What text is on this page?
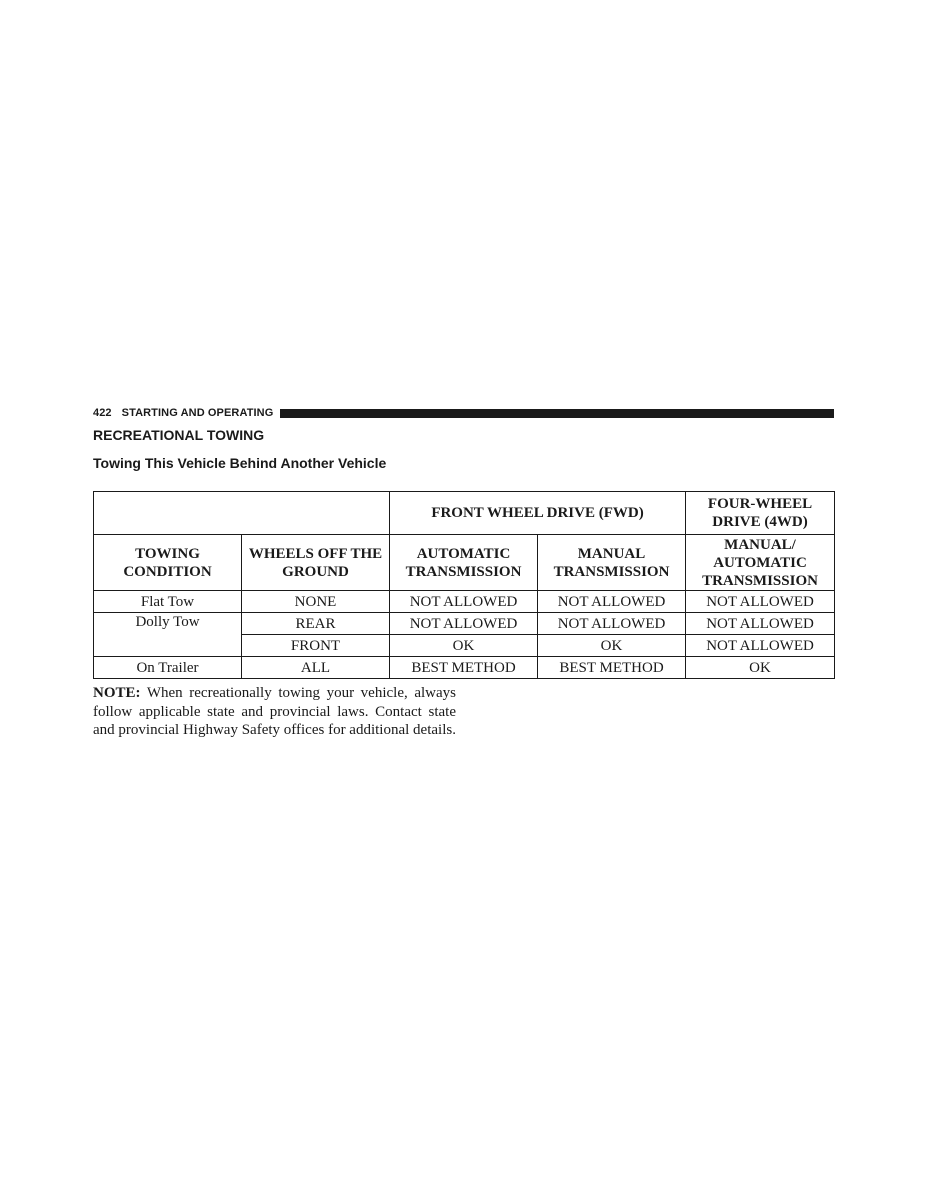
422 STARTING AND OPERATING
RECREATIONAL TOWING
Towing This Vehicle Behind Another Vehicle
		FRONT WHEEL DRIVE (FWD)		FOUR-WHEEL DRIVE (4WD)
TOWING CONDITION	WHEELS OFF THE GROUND	AUTOMATIC TRANSMISSION	MANUAL TRANSMISSION	MANUAL/ AUTOMATIC TRANSMISSION
Flat Tow	NONE	NOT ALLOWED	NOT ALLOWED	NOT ALLOWED
Dolly Tow	REAR	NOT ALLOWED	NOT ALLOWED	NOT ALLOWED
	FRONT	OK	OK	NOT ALLOWED
On Trailer	ALL	BEST METHOD	BEST METHOD	OK

NOTE: When recreationally towing your vehicle, always follow applicable state and provincial laws. Contact state and provincial Highway Safety offices for additional details.
